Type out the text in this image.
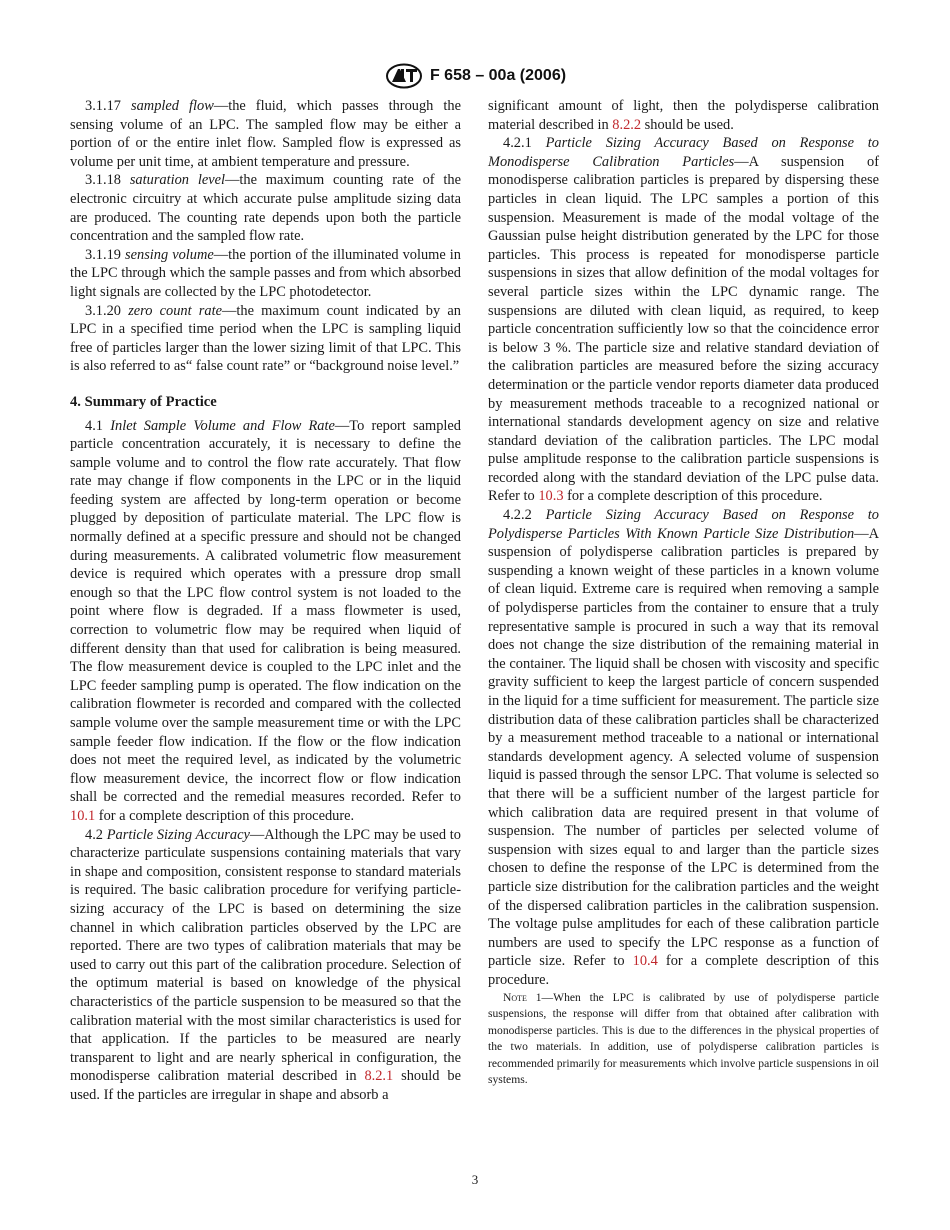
F 658 – 00a (2006)

3.1.17 sampled flow—the fluid, which passes through the sensing volume of an LPC. The sampled flow may be either a portion of or the entire inlet flow. Sampled flow is expressed as volume per unit time, at ambient temperature and pressure.

3.1.18 saturation level—the maximum counting rate of the electronic circuitry at which accurate pulse amplitude sizing data are produced. The counting rate depends upon both the particle concentration and the sampled flow rate.

3.1.19 sensing volume—the portion of the illuminated volume in the LPC through which the sample passes and from which absorbed light signals are collected by the LPC photodetector.

3.1.20 zero count rate—the maximum count indicated by an LPC in a specified time period when the LPC is sampling liquid free of particles larger than the lower sizing limit of that LPC. This is also referred to as“ false count rate” or “background noise level.”

4. Summary of Practice

4.1 Inlet Sample Volume and Flow Rate—To report sampled particle concentration accurately, it is necessary to define the sample volume and to control the flow rate accurately. That flow rate may change if flow components in the LPC or in the liquid feeding system are affected by long-term operation or become plugged by deposition of particulate material. The LPC flow is normally defined at a specific pressure and should not be changed during measurements. A calibrated volumetric flow measurement device is required which operates with a pressure drop small enough so that the LPC flow control system is not loaded to the point where flow is degraded. If a mass flowmeter is used, correction to volumetric flow may be required when liquid of different density than that used for calibration is being measured. The flow measurement device is coupled to the LPC inlet and the LPC feeder sampling pump is operated. The flow indication on the calibration flowmeter is recorded and compared with the collected sample volume over the sample measurement time or with the LPC sample feeder flow indication. If the flow or the flow indication does not meet the required level, as indicated by the volumetric flow measurement device, the incorrect flow or flow indication shall be corrected and the remedial measures recorded. Refer to 10.1 for a complete description of this procedure.

4.2 Particle Sizing Accuracy—Although the LPC may be used to characterize particulate suspensions containing materials that vary in shape and composition, consistent response to standard materials is required. The basic calibration procedure for verifying particle-sizing accuracy of the LPC is based on determining the size channel in which calibration particles observed by the LPC are reported. There are two types of calibration materials that may be used to carry out this part of the calibration procedure. Selection of the optimum material is based on knowledge of the physical characteristics of the particle suspension to be measured so that the calibration material with the most similar characteristics is used for that application. If the particles to be measured are nearly transparent to light and are nearly spherical in configuration, the monodisperse calibration material described in 8.2.1 should be used. If the particles are irregular in shape and absorb a

significant amount of light, then the polydisperse calibration material described in 8.2.2 should be used.

4.2.1 Particle Sizing Accuracy Based on Response to Monodisperse Calibration Particles—A suspension of monodisperse calibration particles is prepared by dispersing these particles in clean liquid. The LPC samples a portion of this suspension. Measurement is made of the modal voltage of the Gaussian pulse height distribution generated by the LPC for those particles. This process is repeated for monodisperse particle suspensions in sizes that allow definition of the modal voltages for several particle sizes within the LPC dynamic range. The suspensions are diluted with clean liquid, as required, to keep particle concentration sufficiently low so that the coincidence error is below 3 %. The particle size and relative standard deviation of the calibration particles are measured before the sizing accuracy determination or the particle vendor reports diameter data produced by measurement methods traceable to a recognized national or international standards development agency on size and relative standard deviation of the calibration particles. The LPC modal pulse amplitude response to the calibration particle suspensions is recorded along with the standard deviation of the LPC pulse data. Refer to 10.3 for a complete description of this procedure.

4.2.2 Particle Sizing Accuracy Based on Response to Polydisperse Particles With Known Particle Size Distribution—A suspension of polydisperse calibration particles is prepared by suspending a known weight of these particles in a known volume of clean liquid. Extreme care is required when removing a sample of polydisperse particles from the container to ensure that a truly representative sample is procured in such a way that its removal does not change the size distribution of the remaining material in the container. The liquid shall be chosen with viscosity and specific gravity sufficient to keep the largest particle of concern suspended in the liquid for a time sufficient for measurement. The particle size distribution data of these calibration particles shall be characterized by a measurement method traceable to a national or international standards development agency. A selected volume of suspension liquid is passed through the sensor LPC. That volume is selected so that there will be a sufficient number of the largest particle for which calibration data are required present in that volume of suspension. The number of particles per selected volume of suspension with sizes equal to and larger than the particle sizes chosen to define the response of the LPC is determined from the particle size distribution for the calibration particles and the weight of the dispersed calibration particles in the calibration suspension. The voltage pulse amplitudes for each of these calibration particle numbers are used to specify the LPC response as a function of particle size. Refer to 10.4 for a complete description of this procedure.

Note 1—When the LPC is calibrated by use of polydisperse particle suspensions, the response will differ from that obtained after calibration with monodisperse particles. This is due to the differences in the physical properties of the two materials. In addition, use of polydisperse calibration particles is recommended primarily for measurements which involve particle suspensions in oil systems.

3
